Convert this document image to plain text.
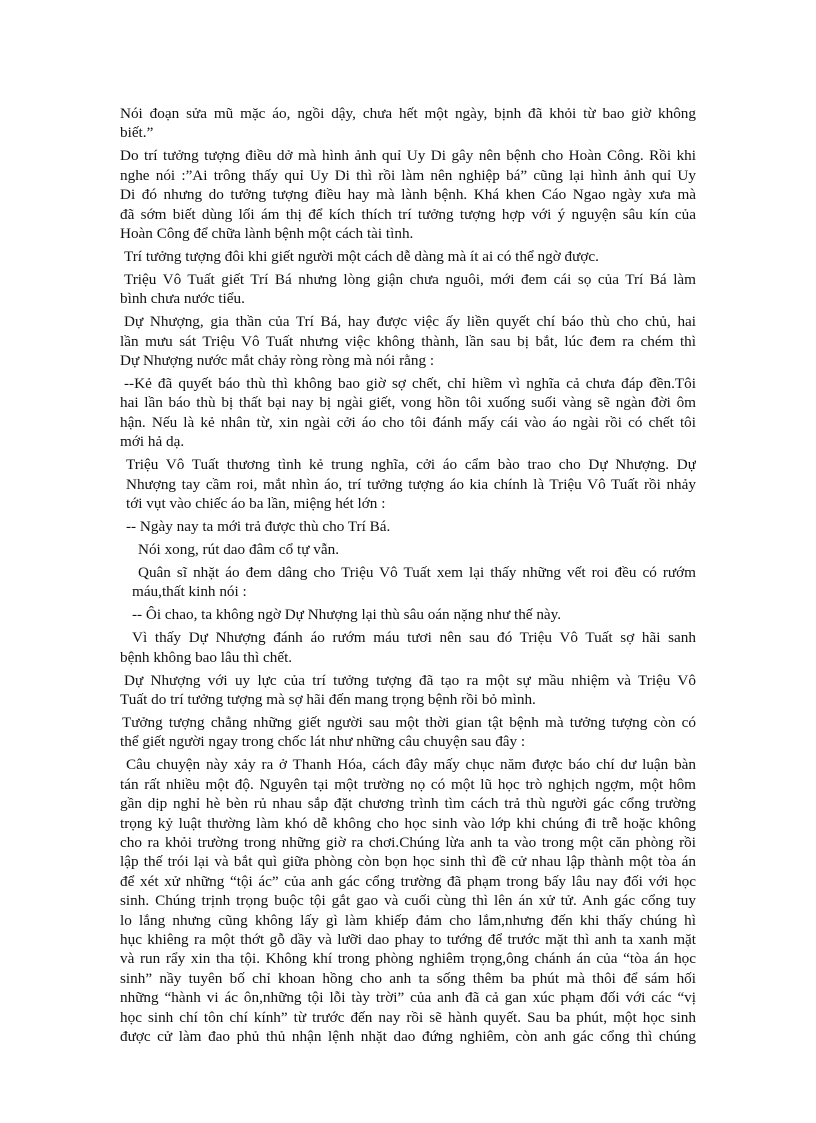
Nói đoạn sửa mũ mặc áo, ngồi dậy, chưa hết một ngày, bịnh đã khỏi từ bao giờ không
biết.”
Do trí tưởng tượng điều dở mà hình ảnh quỉ Uy Di gây nên bệnh cho Hoàn Công. Rồi khi
nghe nói :”Ai trông thấy quỉ Uy Di thì rồi làm nên nghiệp bá” cũng lại hình ảnh quỉ Uy
Di đó nhưng do tưởng tượng điều hay mà lành bệnh. Khá khen Cáo Ngao ngày xưa mà
đã sớm biết dùng lối ám thị để kích thích trí tưởng tượng hợp với ý nguyện sâu kín của
Hoàn Công để chữa lành bệnh một cách tài tình.
Trí tưởng tượng đôi khi giết người một cách dễ dàng mà ít ai có thể ngờ được.
Triệu Vô Tuất giết Trí Bá nhưng lòng giận chưa nguôi, mới đem cái sọ của Trí Bá làm
bình chưa nước tiểu.
Dự Nhượng, gia thần của Trí Bá, hay được việc ấy liền quyết chí báo thù cho chủ, hai
lần mưu sát Triệu Vô Tuất nhưng việc không thành, lần sau bị bắt, lúc đem ra chém thì
Dự Nhượng nước mắt chảy ròng ròng mà nói rằng :
--Kẻ đã quyết báo thù thì không bao giờ sợ chết, chỉ hiềm vì nghĩa cả chưa đáp đền.Tôi
hai lần báo thù bị thất bại nay bị ngài giết, vong hồn tôi xuống suối vàng sẽ ngàn đời ôm
hận. Nếu là kẻ nhân từ, xin ngài cởi áo cho tôi đánh mấy cái vào áo ngài rồi có chết tôi
mới hả dạ.
Triệu Vô Tuất thương tình kẻ trung nghĩa, cởi áo cẩm bào trao cho Dự Nhượng. Dự
Nhượng tay cầm roi, mắt nhìn áo, trí tưởng tượng áo kia chính là Triệu Vô Tuất rồi nhảy
tới vụt vào chiếc áo ba lần, miệng hét lớn :
-- Ngày nay ta mới trả được thù cho Trí Bá.
Nói xong, rút dao đâm cổ tự vẫn.
Quân sĩ nhặt áo đem dâng cho Triệu Vô Tuất xem lại thấy những vết roi đều có rướm
máu,thất kinh nói :
-- Ôi chao, ta không ngờ Dự Nhượng lại thù sâu oán nặng như thế này.
Vì thấy Dự Nhượng đánh áo rướm máu tươi nên sau đó Triệu Vô Tuất sợ hãi sanh
bệnh không bao lâu thì chết.
Dự Nhượng với uy lực của trí tưởng tượng đã tạo ra một sự mầu nhiệm và Triệu Vô
Tuất do trí tưởng tượng mà sợ hãi đến mang trọng bệnh rồi bỏ mình.
Tưởng tượng chẳng những giết người sau một thời gian tật bệnh mà tưởng tượng còn có
thể giết người ngay trong chốc lát như những câu chuyện sau đây :
Câu chuyện này xảy ra ở Thanh Hóa, cách đây mấy chục năm được báo chí dư luận bàn
tán rất nhiều một độ. Nguyên tại một trường nọ có một lũ học trò nghịch ngợm, một hôm
gần dịp nghỉ hè bèn rủ nhau sắp đặt chương trình tìm cách trả thù người gác cổng trường
trọng kỷ luật thường làm khó dễ không cho học sinh vào lớp khi chúng đi trễ hoặc không
cho ra khỏi trường trong những giờ ra chơi.Chúng lừa anh ta vào trong một căn phòng rồi
lập thế trói lại và bắt quì giữa phòng còn bọn học sinh thì đề cử nhau lập thành một tòa án
để xét xử những “tội ác” của anh gác cổng trường đã phạm trong bấy lâu nay đối với học
sinh. Chúng trịnh trọng buộc tội gắt gao và cuối cùng thì lên án xử tử. Anh gác cổng tuy
lo lắng nhưng cũng không lấy gì làm khiếp đảm cho lắm,nhưng đến khi thấy chúng hì
hục khiêng ra một thớt gỗ dầy và lưỡi dao phay to tướng để trước mặt thì anh ta xanh mặt
và run rẩy xin tha tội. Không khí trong phòng nghiêm trọng,ông chánh án của “tòa án học
sinh” nầy tuyên bố chỉ khoan hồng cho anh ta sống thêm ba phút mà thôi để sám hối
những “hành vi ác ôn,những tội lỗi tày trời” của anh đã cả gan xúc phạm đối với các “vị
học sinh chí tôn chí kính” từ trước đến nay rồi sẽ hành quyết. Sau ba phút, một học sinh
được cử làm đao phủ thủ nhận lệnh nhặt dao đứng nghiêm, còn anh gác cổng thì chúng
